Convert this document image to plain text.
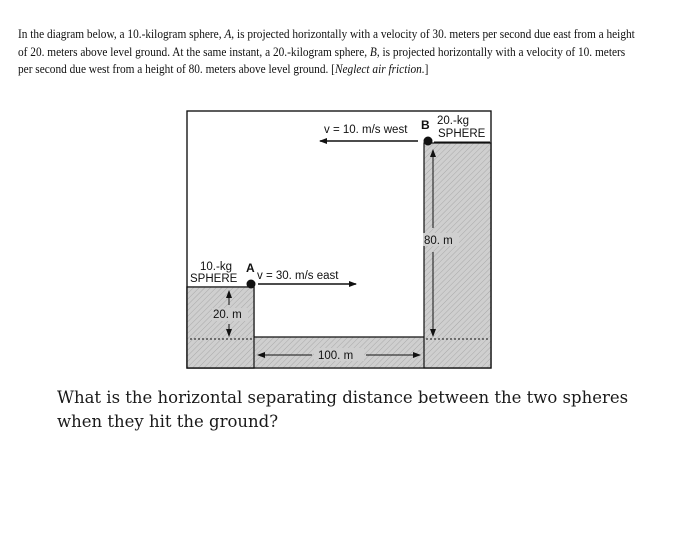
In the diagram below, a 10.-kilogram sphere, A, is projected horizontally with a velocity of 30. meters per second due east from a height
of 20. meters above level ground. At the same instant, a 20.-kilogram sphere, B, is projected horizontally with a velocity of 10. meters
per second due west from a height of 80. meters above level ground. [Neglect air friction.]
10.-kg
SPHERE
A
v = 30. m/s east
20. m
B 20.-kg
SPHERE
v = 10. m/s west
80. m
100. m
What is the horizontal separating distance between the two spheres
when they hit the ground?
